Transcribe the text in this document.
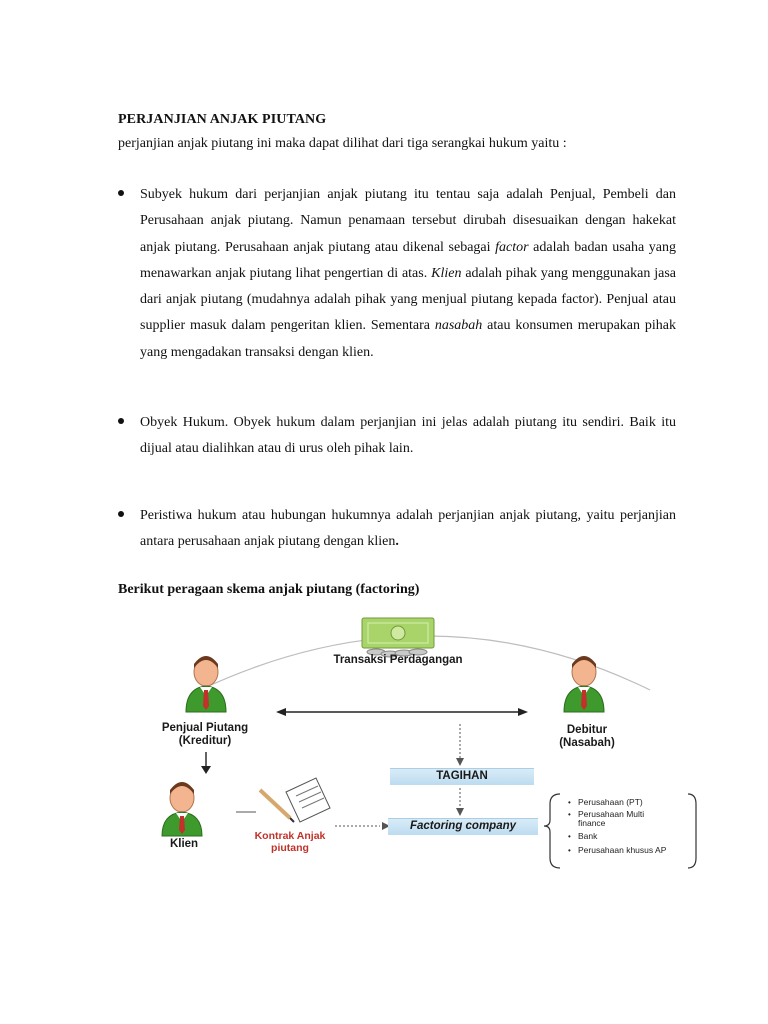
PERJANJIAN ANJAK PIUTANG
perjanjian anjak piutang ini maka dapat dilihat dari tiga serangkai hukum yaitu :
Subyek hukum dari perjanjian anjak piutang itu tentau saja adalah Penjual, Pembeli dan Perusahaan anjak piutang. Namun penamaan tersebut dirubah disesuaikan dengan hakekat anjak piutang. Perusahaan anjak piutang atau dikenal sebagai factor adalah badan usaha yang menawarkan anjak piutang lihat pengertian di atas. Klien adalah pihak yang menggunakan jasa dari anjak piutang (mudahnya adalah pihak yang menjual piutang kepada factor). Penjual atau supplier masuk dalam pengeritan klien. Sementara nasabah atau konsumen merupakan pihak yang mengadakan transaksi dengan klien.
Obyek Hukum. Obyek hukum dalam perjanjian ini jelas adalah piutang itu sendiri. Baik itu dijual atau dialihkan atau di urus oleh pihak lain.
Peristiwa hukum atau hubungan hukumnya adalah perjanjian anjak piutang, yaitu perjanjian antara perusahaan anjak piutang dengan klien.
Berikut peragaan skema anjak piutang (factoring)
Transaksi Perdagangan
Penjual Piutang
(Kreditur)
Debitur
(Nasabah)
Klien
TAGIHAN
Factoring company
Kontrak Anjak
piutang
• Perusahaan (PT)
• Perusahaan Multi finance
• Bank
• Perusahaan khusus AP
